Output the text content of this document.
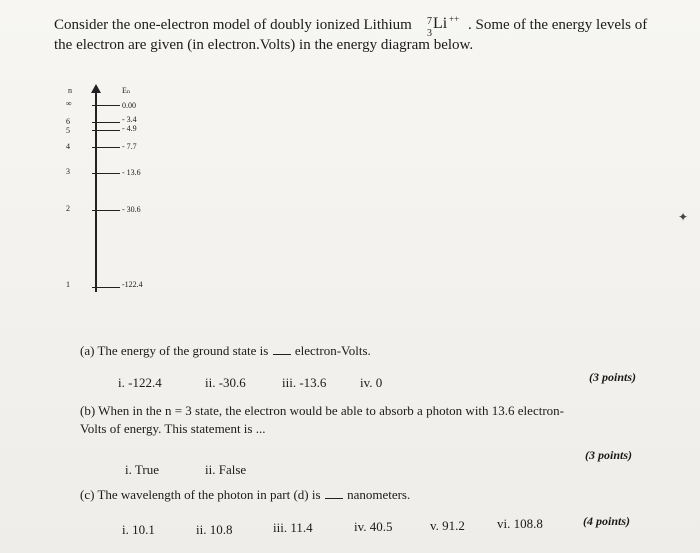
Consider the one-electron model of doubly ionized Lithium 7
3
Li ++ . Some of the energy levels of
the electron are given (in electron.Volts) in the energy diagram below.
n	Eₙ
∞	0.00
6	- 3.4
5	- 4.9
4	- 7.7
3	- 13.6
2	- 30.6
1	-122.4
(a) The energy of the ground state is electron-Volts.
i. -122.4	ii. -30.6	iii. -13.6	iv. 0	(3 points)
(b) When in the n = 3 state, the electron would be able to absorb a photon with 13.6 electron-
Volts of energy. This statement is ...
i. True	ii. False
(3 points)
(c) The wavelength of the photon in part (d) is nanometers.
i. 10.1	ii. 10.8	iii. 11.4	iv. 40.5	v. 91.2 vi. 108.8	(4 points)
✦
